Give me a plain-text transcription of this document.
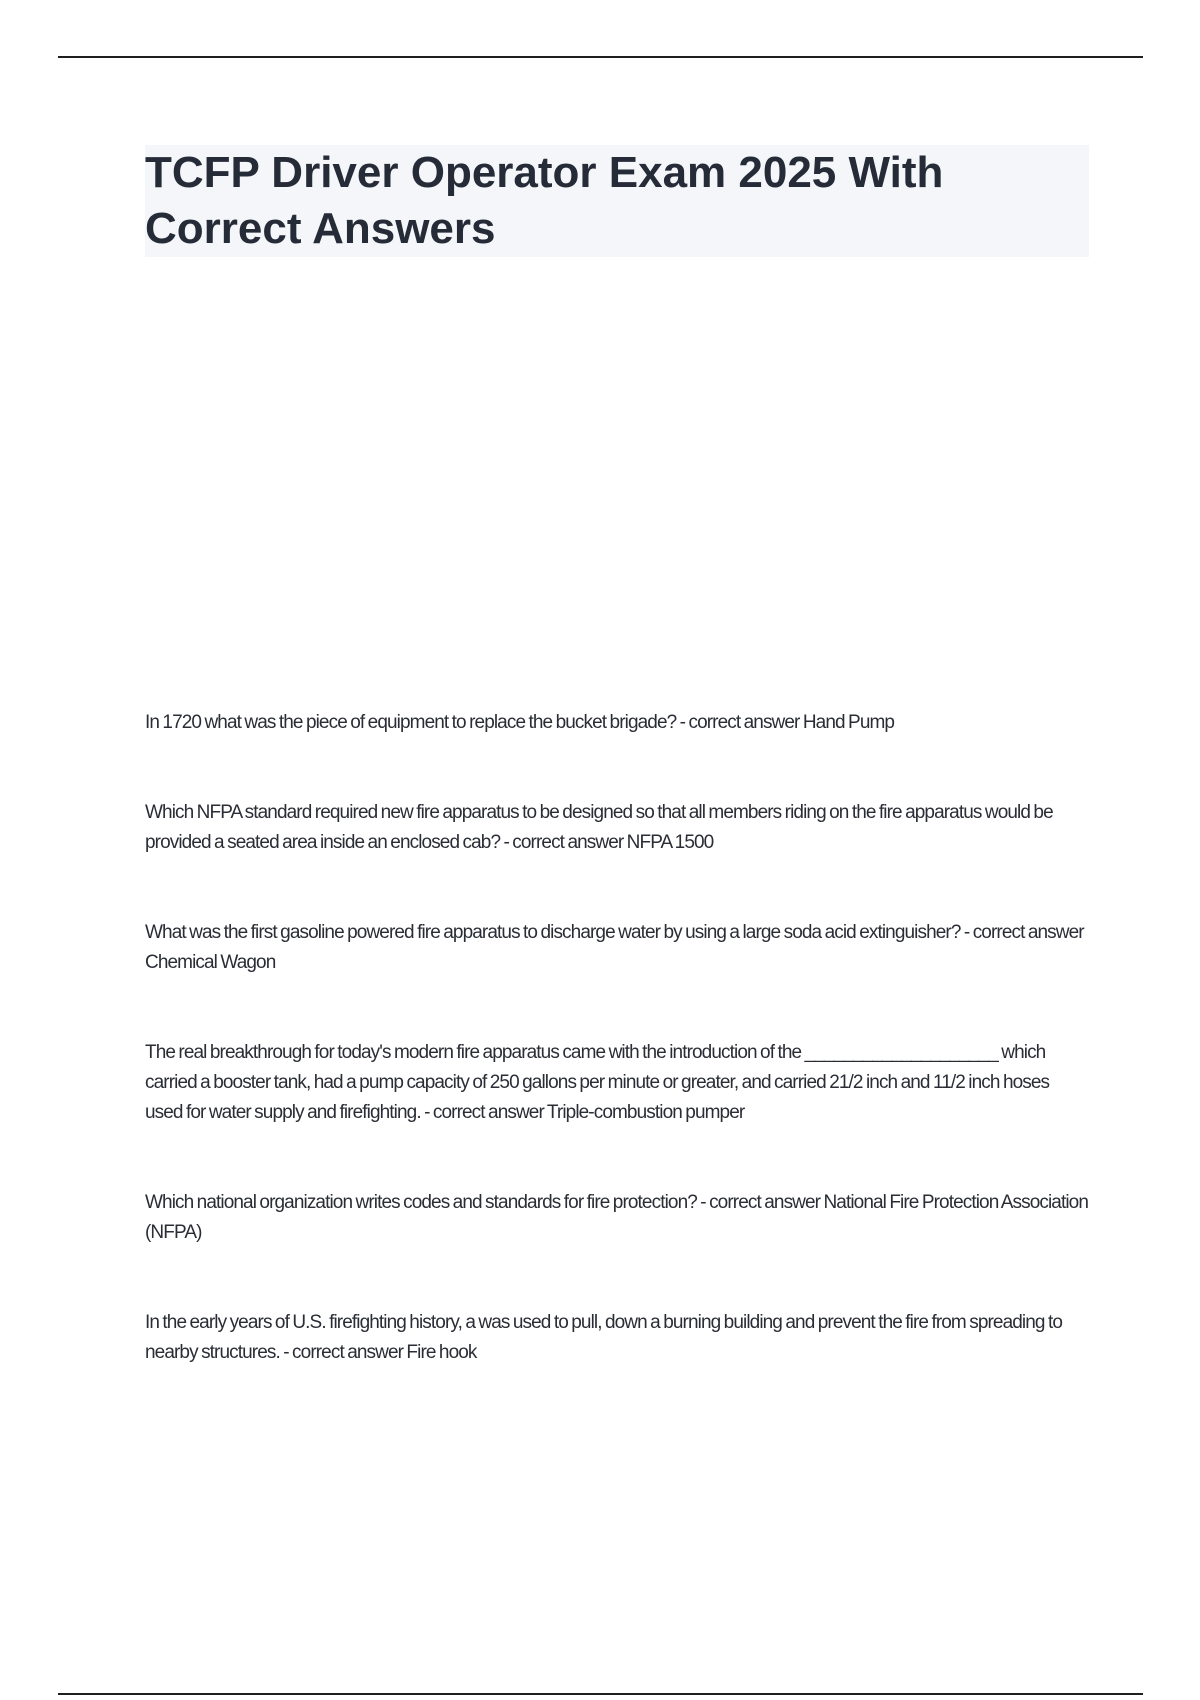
TCFP Driver Operator Exam 2025 With Correct Answers

In 1720 what was the piece of equipment to replace the bucket brigade? - correct answer Hand Pump

Which NFPA standard required new fire apparatus to be designed so that all members riding on the fire apparatus would be provided a seated area inside an enclosed cab? - correct answer NFPA 1500

What was the first gasoline powered fire apparatus to discharge water by using a large soda acid extinguisher? - correct answer Chemical Wagon

The real breakthrough for today's modern fire apparatus came with the introduction of the ____________________ which carried a booster tank, had a pump capacity of 250 gallons per minute or greater, and carried 21/2 inch and 11/2 inch hoses used for water supply and firefighting. - correct answer Triple-combustion pumper

Which national organization writes codes and standards for fire protection? - correct answer National Fire Protection Association (NFPA)

In the early years of U.S. firefighting history, a was used to pull, down a burning building and prevent the fire from spreading to nearby structures. - correct answer Fire hook
